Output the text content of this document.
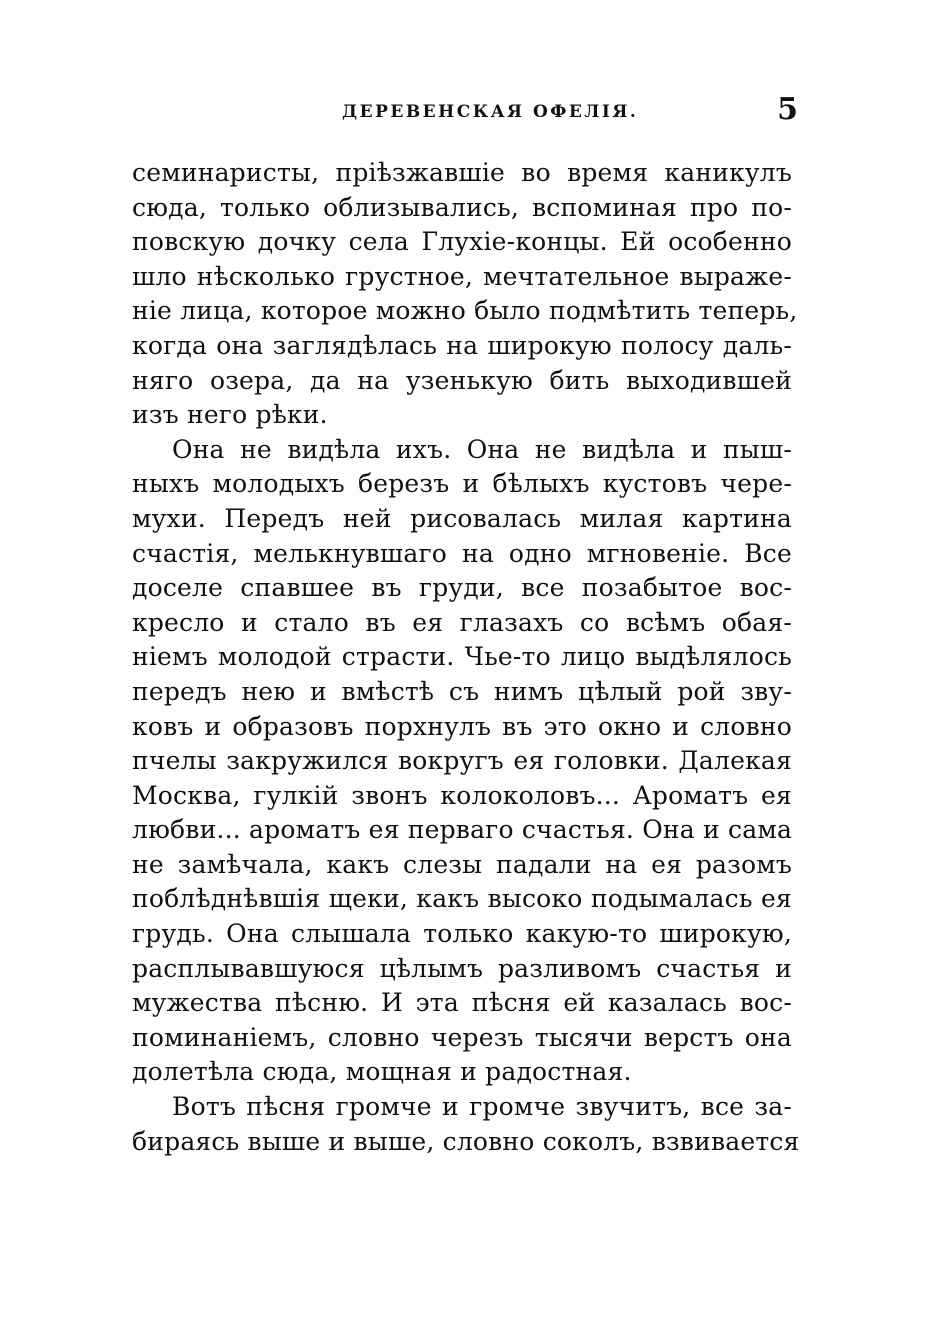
ДЕРЕВЕНСКАЯ ОФЕЛІЯ.	5
семинаристы, пріѣзжавшіе во время каникулъ
сюда, только облизывались, вспоминая про по-
повскую дочку села Глухіе-концы. Ей особенно
шло нѣсколько грустное, мечтательное выраже-
ніе лица, которое можно было подмѣтить теперь,
когда она заглядѣлась на широкую полосу даль-
няго озера, да на узенькую бить выходившей
изъ него рѣки.
Она не видѣла ихъ. Она не видѣла и пыш-
ныхъ молодыхъ березъ и бѣлыхъ кустовъ чере-
мухи. Передъ ней рисовалась милая картина
счастія, мелькнувшаго на одно мгновеніе. Все
доселе спавшее въ груди, все позабытое вос-
кресло и стало въ ея глазахъ со всѣмъ обая-
ніемъ молодой страсти. Чье-то лицо выдѣлялось
передъ нею и вмѣстѣ съ нимъ цѣлый рой зву-
ковъ и образовъ порхнулъ въ это окно и словно
пчелы закружился вокругъ ея головки. Далекая
Москва, гулкій звонъ колоколовъ... Ароматъ ея
любви... ароматъ ея перваго счастья. Она и сама
не замѣчала, какъ слезы падали на ея разомъ
поблѣднѣвшія щеки, какъ высоко подымалась ея
грудь. Она слышала только какую-то широкую,
расплывавшуюся цѣлымъ разливомъ счастья и
мужества пѣсню. И эта пѣсня ей казалась вос-
поминаніемъ, словно черезъ тысячи верстъ она
долетѣла сюда, мощная и радостная.
Вотъ пѣсня громче и громче звучитъ, все за-
бираясь выше и выше, словно соколъ, взвивается
